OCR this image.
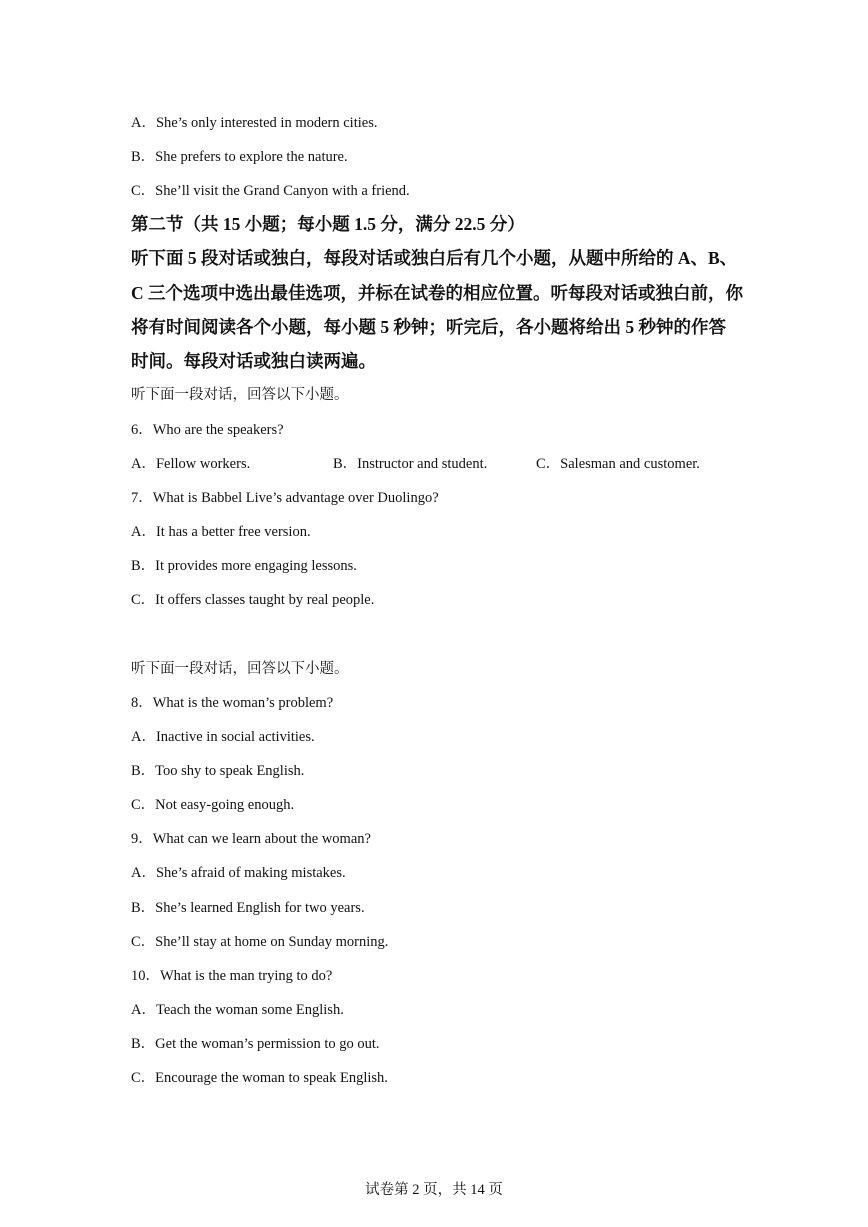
A．She’s only interested in modern cities.
B．She prefers to explore the nature.
C．She’ll visit the Grand Canyon with a friend.
第二节（共 15 小题；每小题 1.5 分，满分 22.5 分）
听下面 5 段对话或独白，每段对话或独白后有几个小题，从题中所给的 A、B、
C 三个选项中选出最佳选项，并标在试卷的相应位置。听每段对话或独白前，你
将有时间阅读各个小题，每小题 5 秒钟；听完后，各小题将给出 5 秒钟的作答
时间。每段对话或独白读两遍。
听下面一段对话，回答以下小题。
6．Who are the speakers?
A．Fellow workers.	B．Instructor and student.	C．Salesman and customer.
7．What is Babbel Live’s advantage over Duolingo?
A．It has a better free version.
B．It provides more engaging lessons.
C．It offers classes taught by real people.
听下面一段对话，回答以下小题。
8．What is the woman’s problem?
A．Inactive in social activities.
B．Too shy to speak English.
C．Not easy-going enough.
9．What can we learn about the woman?
A．She’s afraid of making mistakes.
B．She’s learned English for two years.
C．She’ll stay at home on Sunday morning.
10．What is the man trying to do?
A．Teach the woman some English.
B．Get the woman’s permission to go out.
C．Encourage the woman to speak English.
试卷第 2 页，共 14 页
